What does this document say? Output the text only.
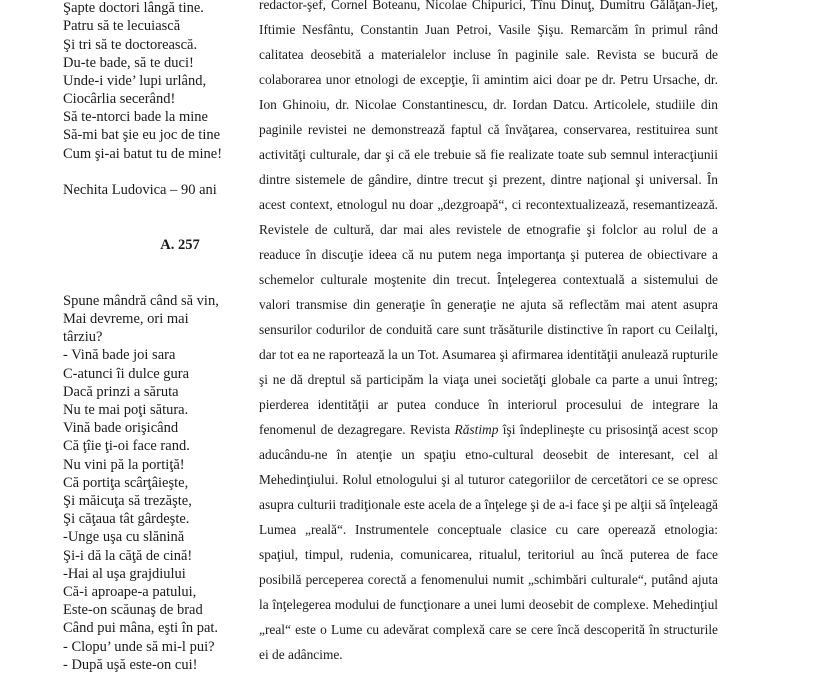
Şapte doctori lângă tine.
Patru să te lecuiască
Şi tri să te doctorească.
Du-te bade, să te duci!
Unde-i vide’ lupi urlând,
Ciocârlia secerând!
Să te-ntorci bade la mine
Să-mi bat şie eu joc de tine
Cum şi-ai batut tu de mine!
Nechita Ludovica – 90 ani
A. 257
Spune mândră când să vin,
Mai devreme, ori mai
târziu?
- Vină bade joi sara
C-atunci îi dulce gura
Dacă prinzi a săruta
Nu te mai poţi sătura.
Vină bade orişicând
Că ţîie ţi-oi face rand.
Nu vini pă la portiţă!
Că portiţa scârţâieşte,
Şi măicuţa să trezăşte,
Şi căţaua tât gârdeşte.
-Unge uşa cu slănină
Şi-i dă la căţă de cină!
-Hai al uşa grajdiului
Că-i aproape-a patului,
Este-on scăunaş de brad
Când pui mâna, eşti în pat.
- Clopu’ unde să mi-l pui?
- După uşă este-on cui!
redactor-şef, Cornel Boteanu, Nicolae Chipurici, Tînu Dinuţ, Dumitru Gălăţan-Jieţ,
Iftimie Nesfântu, Constantin Juan Petroi, Vasile Şişu. Remarcăm în primul rând
calitatea deosebită a materialelor incluse în paginile sale. Revista se bucură de
colaborarea unor etnologi de excepţie, îi amintim aici doar pe dr. Petru Ursache, dr.
Ion Ghinoiu, dr. Nicolae Constantinescu, dr. Iordan Datcu. Articolele, studiile din
paginile revistei ne demonstrează faptul că învăţarea, conservarea, restituirea sunt
activităţi culturale, dar şi că ele trebuie să fie realizate toate sub semnul interacţiunii
dintre sistemele de gândire, dintre trecut şi prezent, dintre naţional şi universal. În
acest context, etnologul nu doar „dezgroapă“, ci recontextualizează, resemantizează.
Revistele de cultură, dar mai ales revistele de etnografie şi folclor au rolul de a
readuce în discuţie ideea că nu putem nega importanţa şi puterea de obiectivare a
schemelor culturale moştenite din trecut. Înţelegerea contextuală a sistemului de
valori transmise din generaţie în generaţie ne ajuta să reflectăm mai atent asupra
sensurilor codurilor de conduită care sunt trăsăturile distinctive în raport cu Ceilalţi,
dar tot ea ne raportează la un Tot. Asumarea şi afirmarea identităţii anulează rupturile
şi ne dă dreptul să participăm la viaţa unei societăţi globale ca parte a unui întreg;
pierderea identităţii ar putea conduce în interiorul procesului de integrare la
fenomenul de dezagregare. Revista Răstimp îşi îndeplineşte cu prisosinţă acest scop
aducându-ne în atenţie un spaţiu etno-cultural deosebit de interesant, cel al
Mehedinţiului. Rolul etnologului şi al tuturor categoriilor de cercetători ce se opresc
asupra culturii tradiţionale este acela de a înţelege şi de a-i face şi pe alţii să înţeleagă
Lumea „reală“. Instrumentele conceptuale clasice cu care operează etnologia:
spaţiul, timpul, rudenia, comunicarea, ritualul, teritoriul au încă puterea de face
posibilă perceperea corectă a fenomenului numit „schimbări culturale“, putând ajuta
la înţelegerea modului de funcţionare a unei lumi deosebit de complexe. Mehedinţiul
„real“ este o Lume cu adevărat complexă care se cere încă descoperită în structurile
ei de adâncime.
